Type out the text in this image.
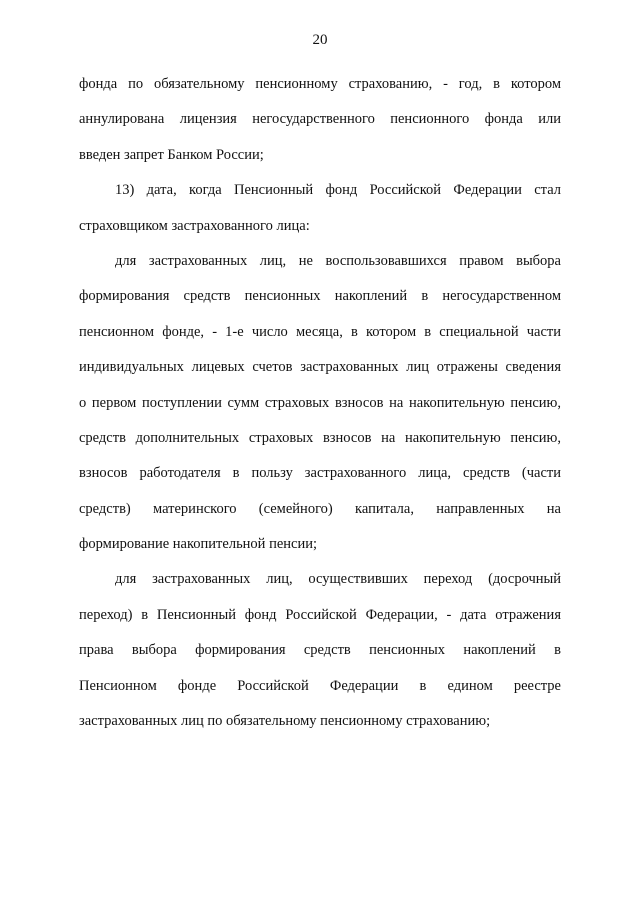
20

фонда по обязательному пенсионному страхованию, - год, в котором
аннулирована лицензия негосударственного пенсионного фонда или
введен запрет Банком России;

13) дата, когда Пенсионный фонд Российской Федерации стал
страховщиком застрахованного лица:

для застрахованных лиц, не воспользовавшихся правом выбора
формирования средств пенсионных накоплений в негосударственном
пенсионном фонде, - 1-е число месяца, в котором в специальной части
индивидуальных лицевых счетов застрахованных лиц отражены сведения
о первом поступлении сумм страховых взносов на накопительную пенсию,
средств дополнительных страховых взносов на накопительную пенсию,
взносов работодателя в пользу застрахованного лица, средств (части
средств) материнского (семейного) капитала, направленных на
формирование накопительной пенсии;

для застрахованных лиц, осуществивших переход (досрочный
переход) в Пенсионный фонд Российской Федерации, - дата отражения
права выбора формирования средств пенсионных накоплений в
Пенсионном фонде Российской Федерации в едином реестре
застрахованных лиц по обязательному пенсионному страхованию;
